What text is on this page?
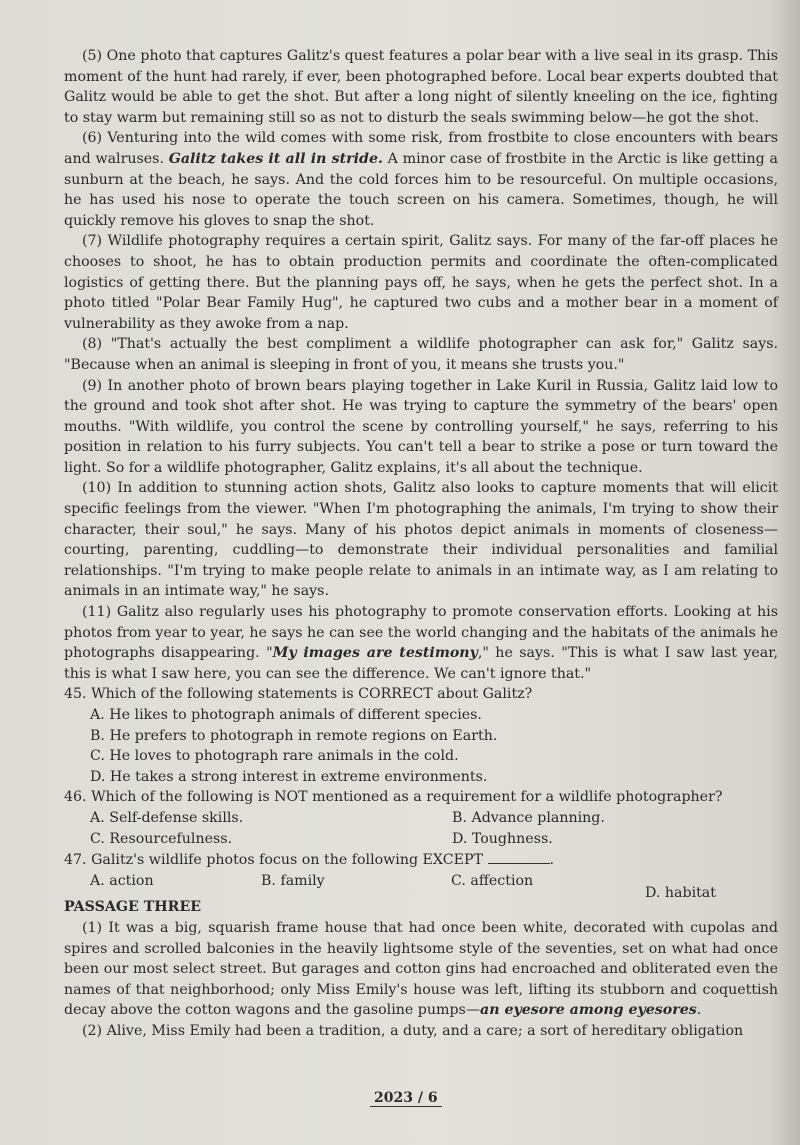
(5) One photo that captures Galitz's quest features a polar bear with a live seal in its grasp. This moment of the hunt had rarely, if ever, been photographed before. Local bear experts doubted that Galitz would be able to get the shot. But after a long night of silently kneeling on the ice, fighting to stay warm but remaining still so as not to disturb the seals swimming below—he got the shot.

(6) Venturing into the wild comes with some risk, from frostbite to close encounters with bears and walruses. Galitz takes it all in stride. A minor case of frostbite in the Arctic is like getting a sunburn at the beach, he says. And the cold forces him to be resourceful. On multiple occasions, he has used his nose to operate the touch screen on his camera. Sometimes, though, he will quickly remove his gloves to snap the shot.

(7) Wildlife photography requires a certain spirit, Galitz says. For many of the far-off places he chooses to shoot, he has to obtain production permits and coordinate the often-complicated logistics of getting there. But the planning pays off, he says, when he gets the perfect shot. In a photo titled "Polar Bear Family Hug", he captured two cubs and a mother bear in a moment of vulnerability as they awoke from a nap.

(8) "That's actually the best compliment a wildlife photographer can ask for," Galitz says. "Because when an animal is sleeping in front of you, it means she trusts you."

(9) In another photo of brown bears playing together in Lake Kuril in Russia, Galitz laid low to the ground and took shot after shot. He was trying to capture the symmetry of the bears' open mouths. "With wildlife, you control the scene by controlling yourself," he says, referring to his position in relation to his furry subjects. You can't tell a bear to strike a pose or turn toward the light. So for a wildlife photographer, Galitz explains, it's all about the technique.

(10) In addition to stunning action shots, Galitz also looks to capture moments that will elicit specific feelings from the viewer. "When I'm photographing the animals, I'm trying to show their character, their soul," he says. Many of his photos depict animals in moments of closeness—courting, parenting, cuddling—to demonstrate their individual personalities and familial relationships. "I'm trying to make people relate to animals in an intimate way, as I am relating to animals in an intimate way," he says.

(11) Galitz also regularly uses his photography to promote conservation efforts. Looking at his photos from year to year, he says he can see the world changing and the habitats of the animals he photographs disappearing. "My images are testimony," he says. "This is what I saw last year, this is what I saw here, you can see the difference. We can't ignore that."

45. Which of the following statements is CORRECT about Galitz?

A. He likes to photograph animals of different species.

B. He prefers to photograph in remote regions on Earth.

C. He loves to photograph rare animals in the cold.

D. He takes a strong interest in extreme environments.

46. Which of the following is NOT mentioned as a requirement for a wildlife photographer?

A. Self-defense skills.	B. Advance planning.
C. Resourcefulness.	D. Toughness.

47. Galitz's wildlife photos focus on the following EXCEPT	.

A. action	B. family	C. affection
D. habitat

PASSAGE THREE

(1) It was a big, squarish frame house that had once been white, decorated with cupolas and spires and scrolled balconies in the heavily lightsome style of the seventies, set on what had once been our most select street. But garages and cotton gins had encroached and obliterated even the names of that neighborhood; only Miss Emily's house was left, lifting its stubborn and coquettish decay above the cotton wagons and the gasoline pumps—an eyesore among eyesores.

(2) Alive, Miss Emily had been a tradition, a duty, and a care; a sort of hereditary obligation

2023 / 6
